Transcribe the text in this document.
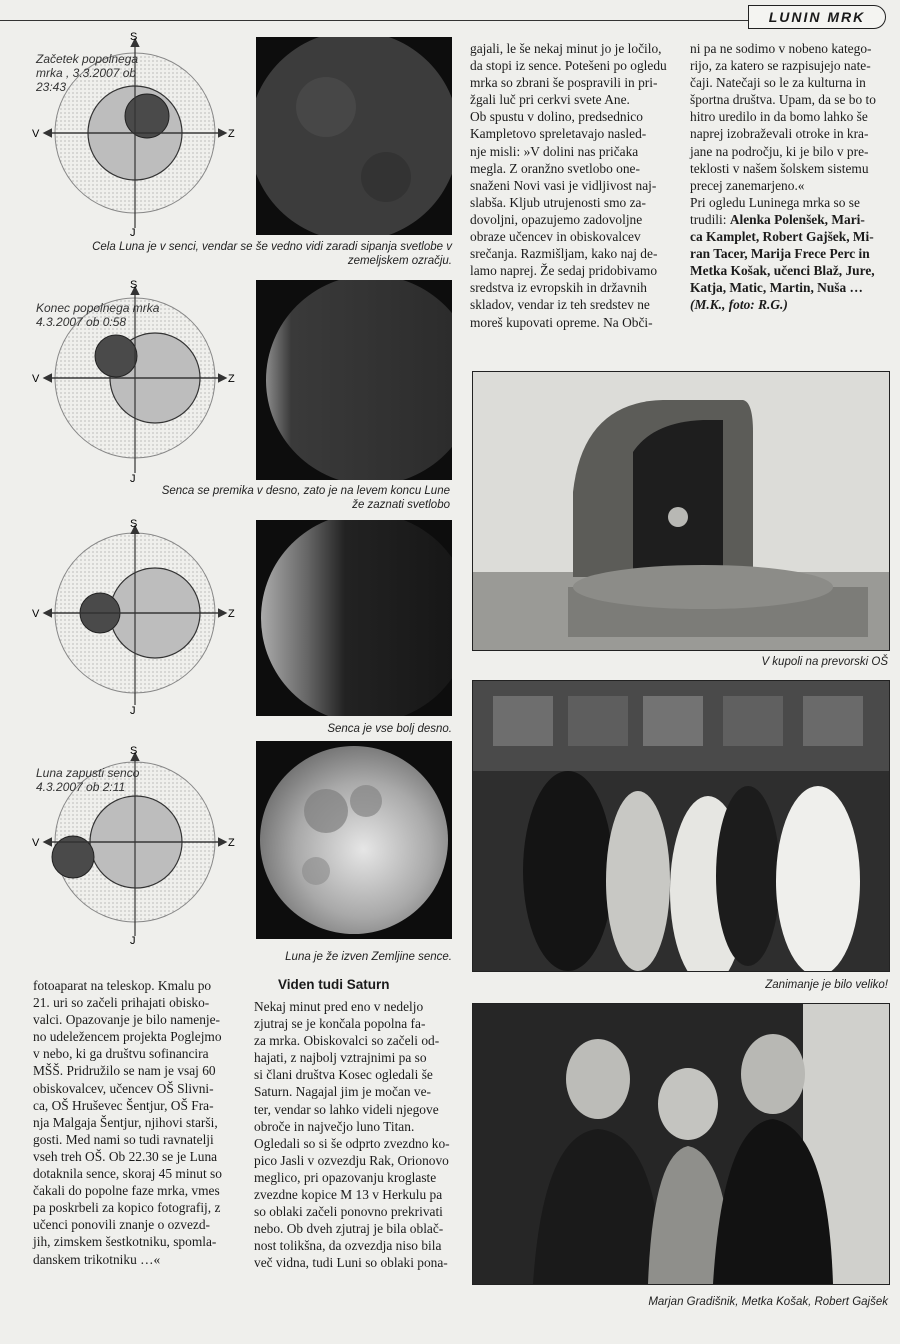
LUNIN MRK
S
J
V	Z
Začetek popolnega
mrka , 3.3.2007 ob
23:43
S
J
V	Z
Konec popolnega mrka
4.3.2007 ob 0:58
S
J
V	Z
S
J
V	Z
Luna zapusti senco
4.3.2007 ob 2:11
Cela Luna je v senci, vendar se še vedno vidi zaradi sipanja svetlobe v
zemeljskem ozračju.
Senca se premika v desno, zato je na levem koncu Lune
že zaznati svetlobo
Senca je vse bolj desno.
Luna je že izven Zemljine sence.

gajali, le še nekaj minut jo je ločilo,

da stopi iz sence. Potešeni po ogledu

mrka so zbrani še pospravili in pri-

žgali luč pri cerkvi svete Ane.

Ob spustu v dolino, predsednico

Kampletovo spreletavajo nasled-

nje misli: »V dolini nas pričaka

megla. Z oranžno svetlobo one-

snaženi Novi vasi je vidljivost naj-

slabša. Kljub utrujenosti smo za-

dovoljni, opazujemo zadovoljne

obraze učencev in obiskovalcev

srečanja. Razmišljam, kako naj de-

lamo naprej. Že sedaj pridobivamo

sredstva iz evropskih in državnih

skladov, vendar iz teh sredstev ne

moreš kupovati opreme. Na Obči-

ni pa ne sodimo v nobeno katego-

rijo, za katero se razpisujejo nate-

čaji. Natečaji so le za kulturna in

športna društva. Upam, da se bo to

hitro uredilo in da bomo lahko še

naprej izobraževali otroke in kra-

jane na področju, ki je bilo v pre-

teklosti v našem šolskem sistemu

precej zanemarjeno.«

Pri ogledu Luninega mrka so se

trudili: Alenka Polenšek, Mari-

ca Kamplet, Robert Gajšek, Mi-

ran Tacer, Marija Frece Perc in

Metka Košak, učenci Blaž, Jure,

Katja, Matic, Martin, Nuša …

(M.K., foto: R.G.)

V kupoli na prevorski OŠ
Zanimanje je bilo veliko!
Marjan Gradišnik, Metka Košak, Robert Gajšek

fotoaparat na teleskop. Kmalu po

21. uri so začeli prihajati obisko-

valci. Opazovanje je bilo namenje-

no udeležencem projekta Poglejmo

v nebo, ki ga društvu sofinancira

MŠŠ. Pridružilo se nam je vsaj 60

obiskovalcev, učencev OŠ Slivni-

ca, OŠ Hruševec Šentjur, OŠ Fra-

nja Malgaja Šentjur, njihovi starši,

gosti. Med nami so tudi ravnatelji

vseh treh OŠ. Ob 22.30 se je Luna

dotaknila sence, skoraj 45 minut so

čakali do popolne faze mrka, vmes

pa poskrbeli za kopico fotografij, z

učenci ponovili znanje o ozvezd-

jih, zimskem šestkotniku, spomla-

danskem trikotniku …«

Viden tudi Saturn

Nekaj minut pred eno v nedeljo

zjutraj se je končala popolna fa-

za mrka. Obiskovalci so začeli od-

hajati, z najbolj vztrajnimi pa so

si člani društva Kosec ogledali še

Saturn. Nagajal jim je močan ve-

ter, vendar so lahko videli njegove

obroče in največjo luno Titan.

Ogledali so si še odprto zvezdno ko-

pico Jasli v ozvezdju Rak, Orionovo

meglico, pri opazovanju kroglaste

zvezdne kopice M 13 v Herkulu pa

so oblaki začeli ponovno prekrivati

nebo. Ob dveh zjutraj je bila oblač-

nost tolikšna, da ozvezdja niso bila

več vidna, tudi Luni so oblaki pona-
